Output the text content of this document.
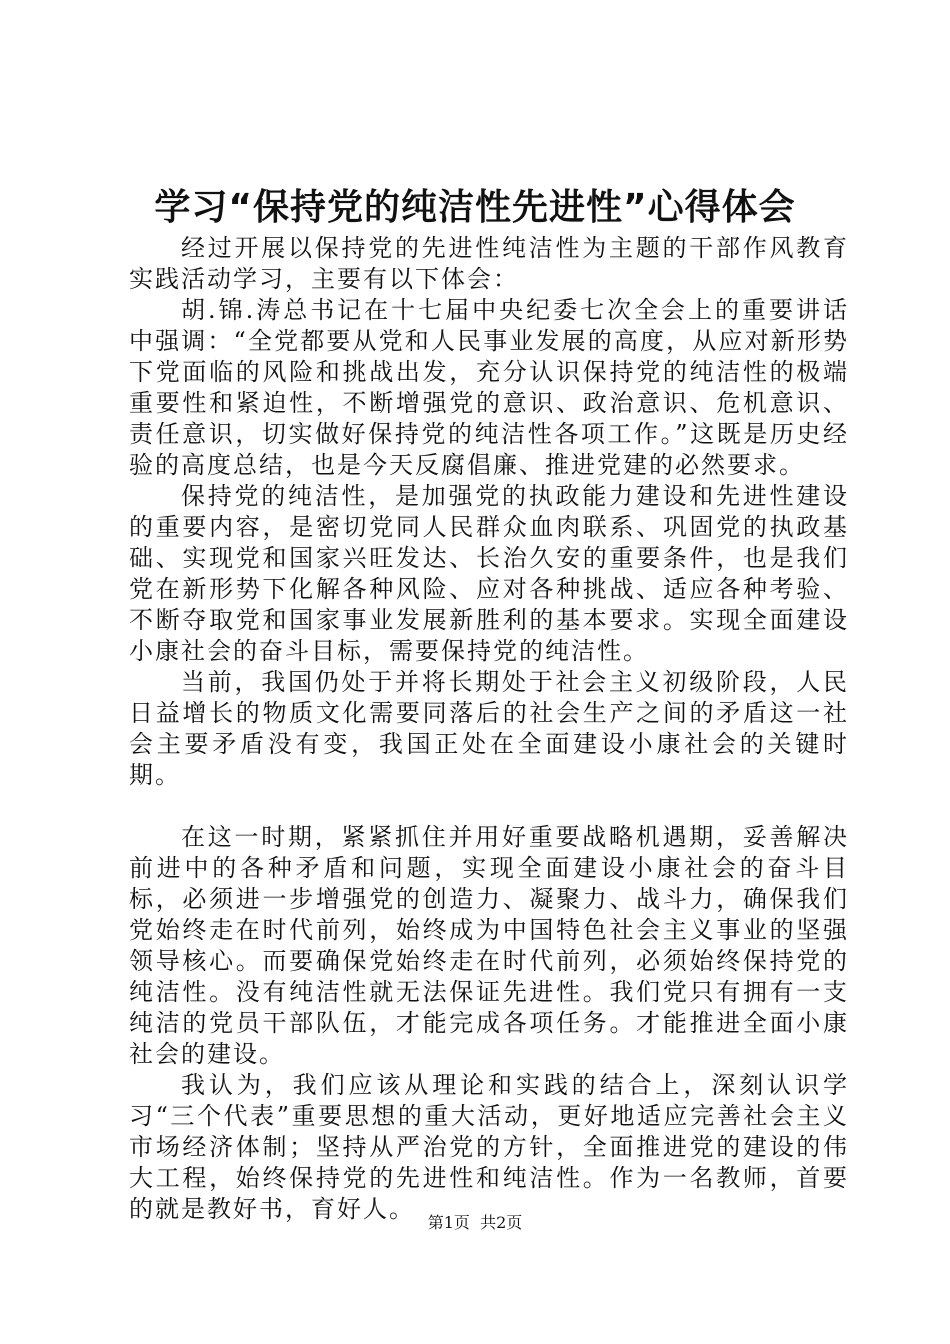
学习“保持党的纯洁性先进性”心得体会

经过开展以保持党的先进性纯洁性为主题的干部作风教育实践活动学习，主要有以下体会：

胡.锦.涛总书记在十七届中央纪委七次全会上的重要讲话中强调：“全党都要从党和人民事业发展的高度，从应对新形势下党面临的风险和挑战出发，充分认识保持党的纯洁性的极端重要性和紧迫性，不断增强党的意识、政治意识、危机意识、责任意识，切实做好保持党的纯洁性各项工作。”这既是历史经验的高度总结，也是今天反腐倡廉、推进党建的必然要求。

保持党的纯洁性，是加强党的执政能力建设和先进性建设的重要内容，是密切党同人民群众血肉联系、巩固党的执政基础、实现党和国家兴旺发达、长治久安的重要条件，也是我们党在新形势下化解各种风险、应对各种挑战、适应各种考验、不断夺取党和国家事业发展新胜利的基本要求。实现全面建设小康社会的奋斗目标，需要保持党的纯洁性。

当前，我国仍处于并将长期处于社会主义初级阶段，人民日益增长的物质文化需要同落后的社会生产之间的矛盾这一社会主要矛盾没有变，我国正处在全面建设小康社会的关键时期。

在这一时期，紧紧抓住并用好重要战略机遇期，妥善解决前进中的各种矛盾和问题，实现全面建设小康社会的奋斗目标，必须进一步增强党的创造力、凝聚力、战斗力，确保我们党始终走在时代前列，始终成为中国特色社会主义事业的坚强领导核心。而要确保党始终走在时代前列，必须始终保持党的纯洁性。没有纯洁性就无法保证先进性。我们党只有拥有一支纯洁的党员干部队伍，才能完成各项任务。才能推进全面小康社会的建设。

我认为，我们应该从理论和实践的结合上，深刻认识学习“三个代表”重要思想的重大活动，更好地适应完善社会主义市场经济体制；坚持从严治党的方针，全面推进党的建设的伟大工程，始终保持党的先进性和纯洁性。作为一名教师，首要的就是教好书，育好人。 第1页 共2页
